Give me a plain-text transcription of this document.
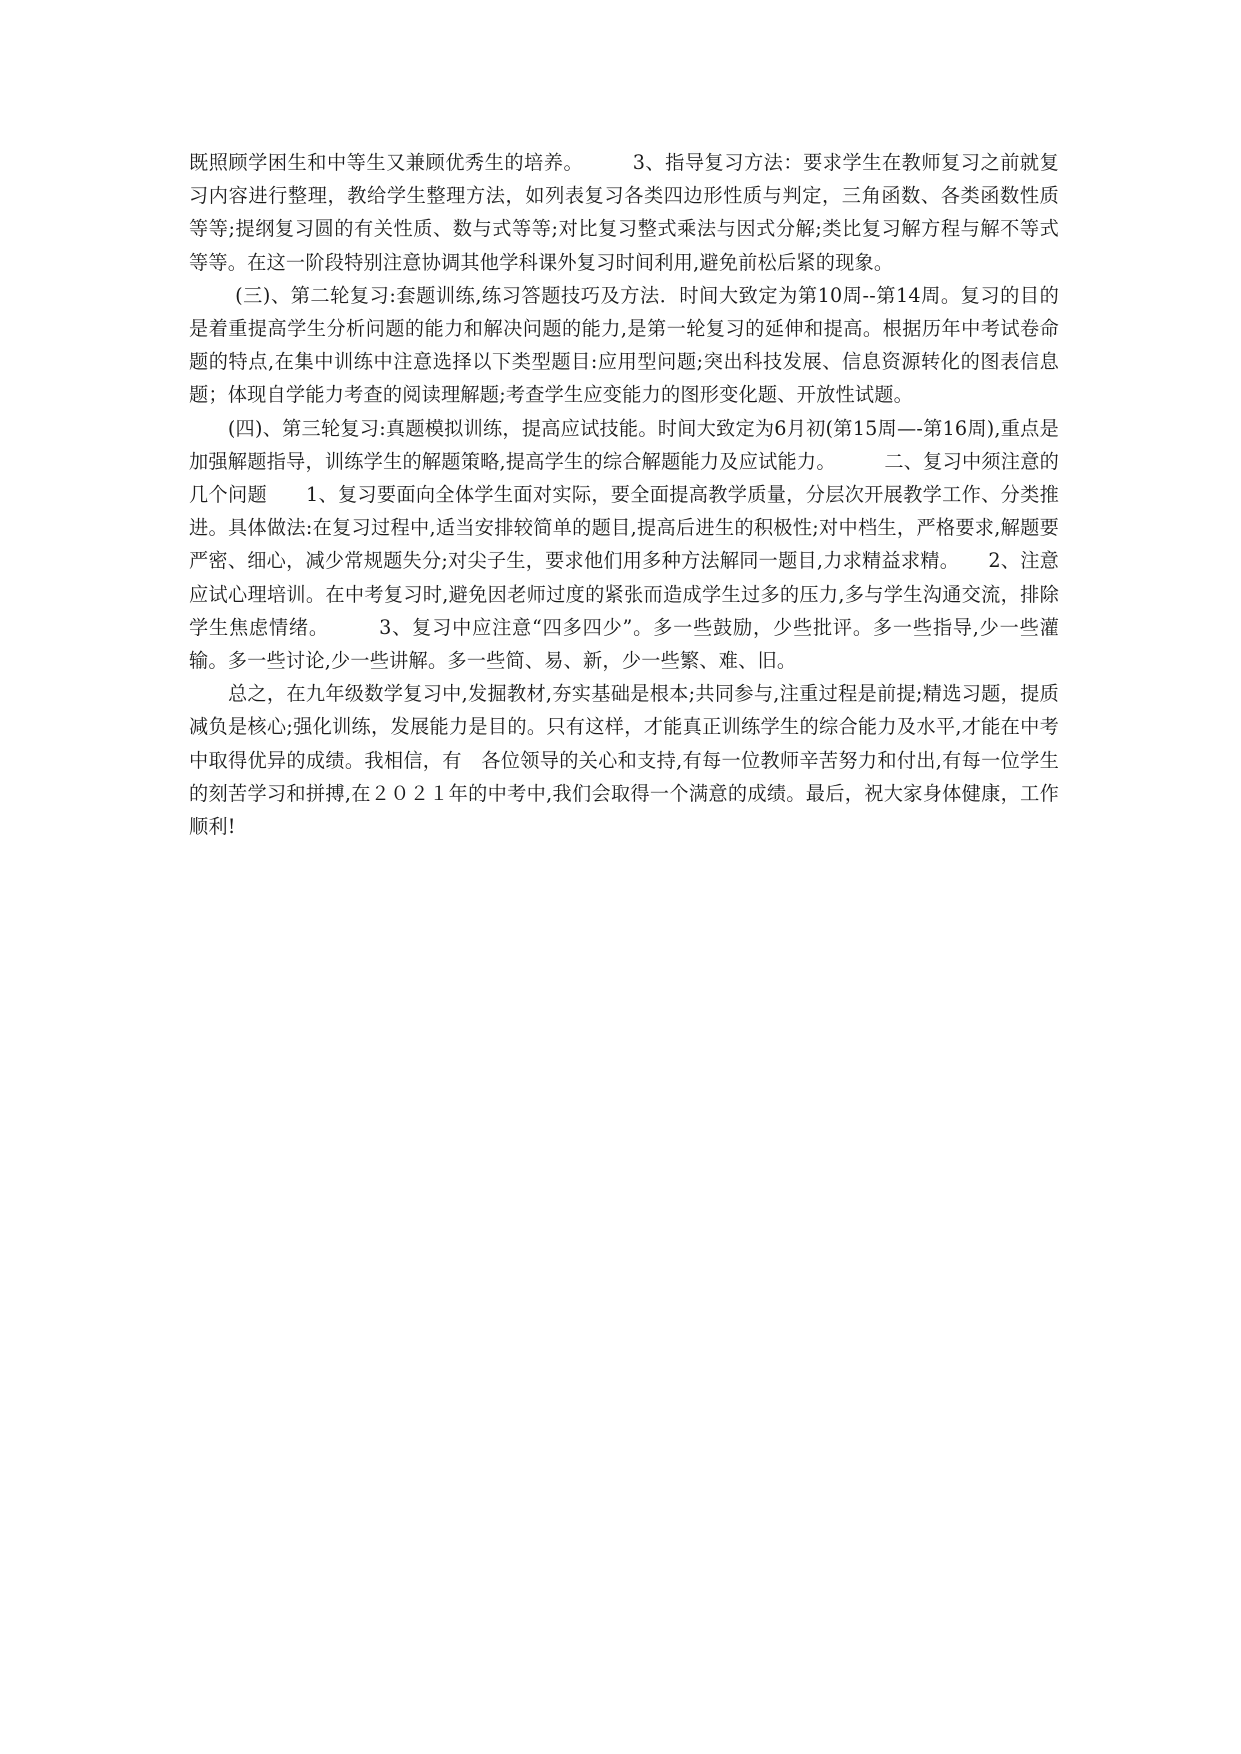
既照顾学困生和中等生又兼顾优秀生的培养。　　　3、指导复习方法：要求学生在教师复习之前就复习内容进行整理，教给学生整理方法，如列表复习各类四边形性质与判定，三角函数、各类函数性质等等;提纲复习圆的有关性质、数与式等等;对比复习整式乘法与因式分解;类比复习解方程与解不等式等等。在这一阶段特别注意协调其他学科课外复习时间利用,避免前松后紧的现象。

　　 (三)、第二轮复习:套题训练,练习答题技巧及方法．时间大致定为第10周--第14周。复习的目的是着重提高学生分析问题的能力和解决问题的能力,是第一轮复习的延伸和提高。根据历年中考试卷命题的特点,在集中训练中注意选择以下类型题目:应用型问题;突出科技发展、信息资源转化的图表信息题；体现自学能力考查的阅读理解题;考查学生应变能力的图形变化题、开放性试题。

　　(四)、第三轮复习:真题模拟训练，提高应试技能。时间大致定为6月初(第15周—-第16周),重点是加强解题指导，训练学生的解题策略,提高学生的综合解题能力及应试能力。　　　二、复习中须注意的几个问题　　1、复习要面向全体学生面对实际，要全面提高教学质量，分层次开展教学工作、分类推进。具体做法:在复习过程中,适当安排较简单的题目,提高后进生的积极性;对中档生，严格要求,解题要严密、细心，减少常规题失分;对尖子生，要求他们用多种方法解同一题目,力求精益求精。　　2、注意应试心理培训。在中考复习时,避免因老师过度的紧张而造成学生过多的压力,多与学生沟通交流，排除学生焦虑情绪。　　　3、复习中应注意“四多四少”。多一些鼓励，少些批评。多一些指导,少一些灌输。多一些讨论,少一些讲解。多一些简、易、新，少一些繁、难、旧。

　　总之，在九年级数学复习中,发掘教材,夯实基础是根本;共同参与,注重过程是前提;精选习题，提质减负是核心;强化训练，发展能力是目的。只有这样，才能真正训练学生的综合能力及水平,才能在中考中取得优异的成绩。我相信，有　各位领导的关心和支持,有每一位教师辛苦努力和付出,有每一位学生的刻苦学习和拼搏,在２０２１年的中考中,我们会取得一个满意的成绩。最后，祝大家身体健康，工作顺利!
